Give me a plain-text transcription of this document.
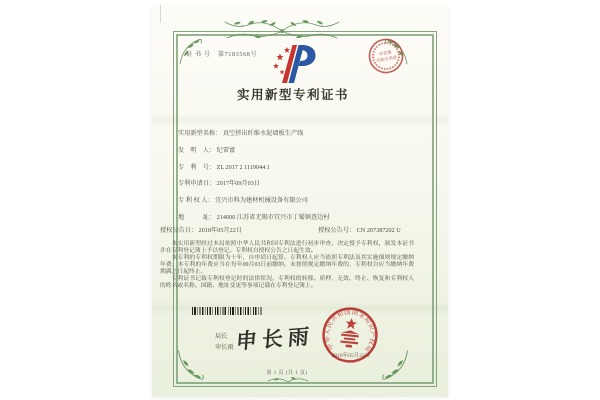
证 书 号 第7183568号
实用新型专利证书
印花税
代购专用章
实用新型名称 ： 真空挤出纤维水泥墙板生产线
发　明　人 ： 纪雷富
专　利　号 ： ZL 2017 2 1119044.1
专利申请日 ： 2017年09月03日
专 利 权 人 ： 宜兴市科为建材机械设备有限公司
地　　　址 ： 214000 江苏省无锡市宜兴市丁蜀镇查边村
授权公告日 ： 2018年05月22日	授权公告号 ： CN 207387202 U

本实用新型经过本局依照中华人民共和国专利法进行初步审查，决定授予专利权，颁发本证书并在专利登记簿上予以登记。专利权自授权公告之日起生效。

本专利的专利权期限为十年，自申请日起算。专利权人应当依照专利法及其实施细则规定缴纳年费，本专利的年费应当在每年09月03日前缴纳。未按照规定缴纳年费的，专利权自应当缴纳年费期满之日起终止。

专利证书记载专利权登记时的法律状况。专利权的转移、质押、无效、终止、恢复和专利权人的姓名或名称、国籍、地址变更等事项记载在专利登记簿上。

局长
申长雨 申长雨
2018年05月22日
中华人民共和国国家知识产权局
第 1 页 (共 1 页)
